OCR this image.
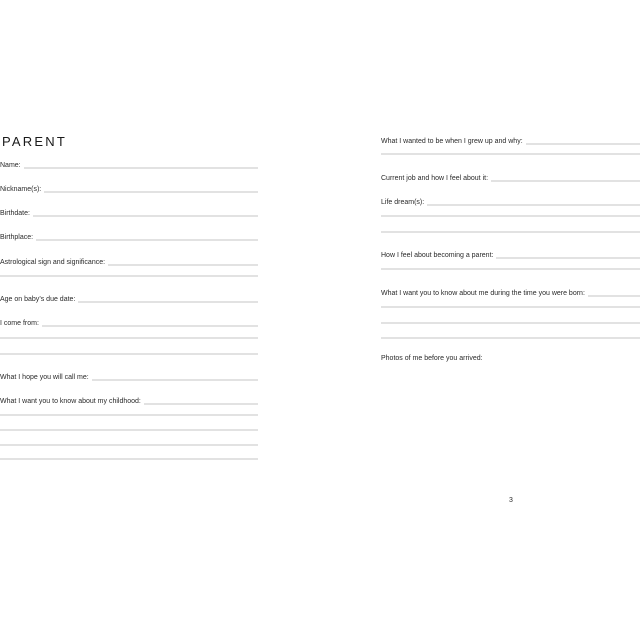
PARENT
Name:
Nickname(s):
Birthdate:
Birthplace:
Astrological sign and significance:
Age on baby’s due date:
I come from:
What I hope you will call me:
What I want you to know about my childhood:
What I wanted to be when I grew up and why:
Current job and how I feel about it:
Life dream(s):
How I feel about becoming a parent:
What I want you to know about me during the time you were born:
Photos of me before you arrived:
3
